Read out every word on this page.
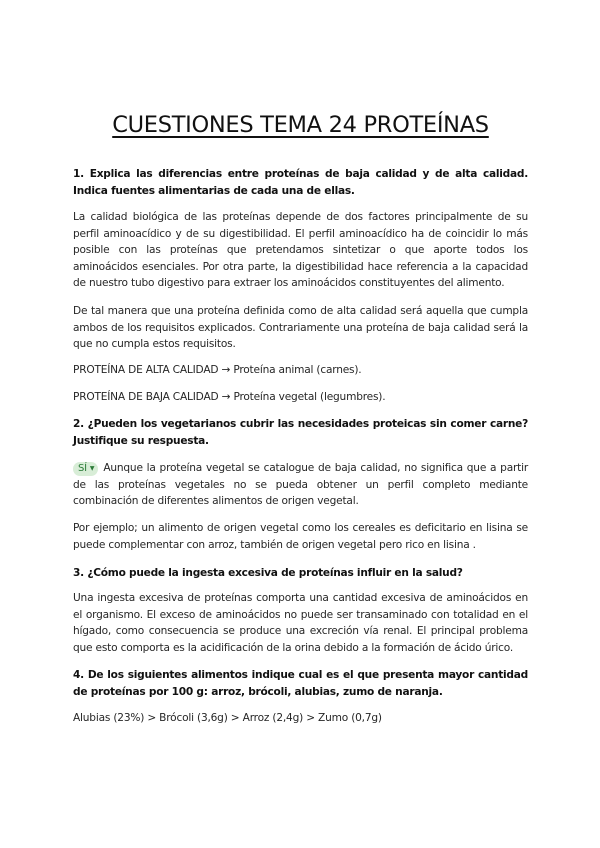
CUESTIONES TEMA 24 PROTEÍNAS

1. Explica las diferencias entre proteínas de baja calidad y de alta calidad. Indica fuentes alimentarias de cada una de ellas.

La calidad biológica de las proteínas depende de dos factores principalmente de su perfil aminoacídico y de su digestibilidad. El perfil aminoacídico ha de coincidir lo más posible con las proteínas que pretendamos sintetizar o que aporte todos los aminoácidos esenciales. Por otra parte, la digestibilidad hace referencia a la capacidad de nuestro tubo digestivo para extraer los aminoácidos constituyentes del alimento.

De tal manera que una proteína definida como de alta calidad será aquella que cumpla ambos de los requisitos explicados. Contrariamente una proteína de baja calidad será la que no cumpla estos requisitos.

PROTEÍNA DE ALTA CALIDAD → Proteína animal (carnes).

PROTEÍNA DE BAJA CALIDAD → Proteína vegetal (legumbres).

2. ¿Pueden los vegetarianos cubrir las necesidades proteicas sin comer carne? Justifique su respuesta.

SÍ ▼ Aunque la proteína vegetal se catalogue de baja calidad, no significa que a partir de las proteínas vegetales no se pueda obtener un perfil completo mediante combinación de diferentes alimentos de origen vegetal.

Por ejemplo; un alimento de origen vegetal como los cereales es deficitario en lisina se puede complementar con arroz, también de origen vegetal pero rico en lisina .

3. ¿Cómo puede la ingesta excesiva de proteínas influir en la salud?

Una ingesta excesiva de proteínas comporta una cantidad excesiva de aminoácidos en el organismo. El exceso de aminoácidos no puede ser transaminado con totalidad en el hígado, como consecuencia se produce una excreción vía renal. El principal problema que esto comporta es la acidificación de la orina debido a la formación de ácido úrico.

4. De los siguientes alimentos indique cual es el que presenta mayor cantidad de proteínas por 100 g: arroz, brócoli, alubias, zumo de naranja.

Alubias (23%) > Brócoli (3,6g) > Arroz (2,4g) > Zumo (0,7g)
